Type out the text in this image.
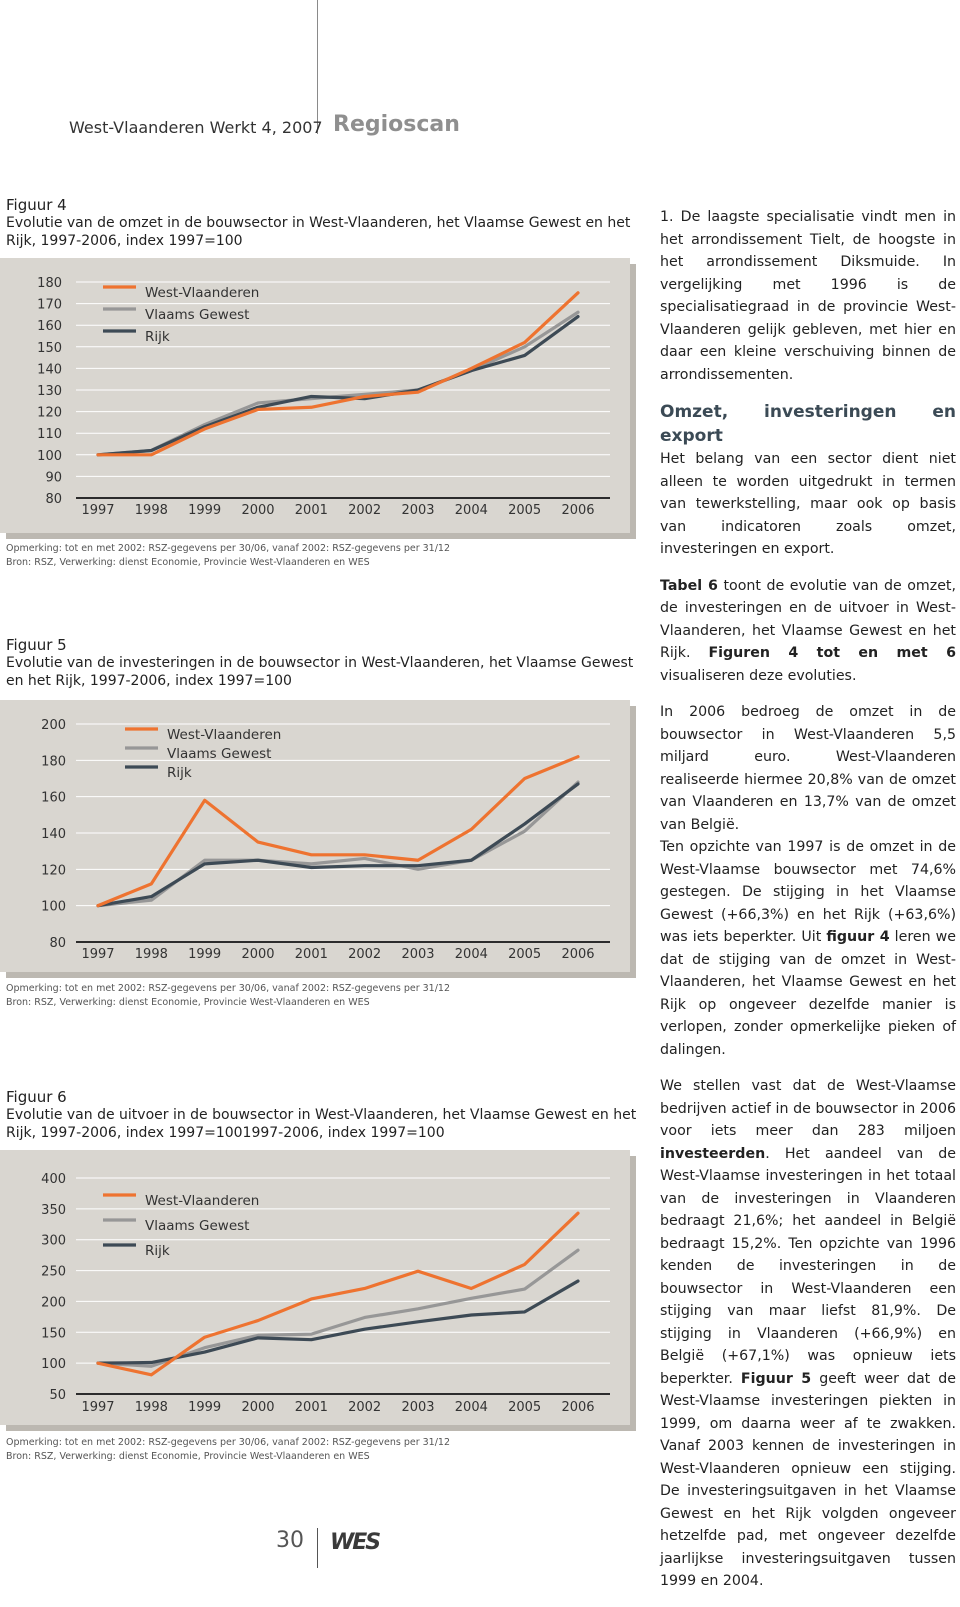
West-Vlaanderen Werkt 4, 2007 Regioscan
Figuur 4
Evolutie van de omzet in de bouwsector in West-Vlaanderen, het Vlaamse Gewest en het Rijk, 1997-2006, index 1997=100
180
170
160
150
140
130
120
110
100
90
80
1997 1998 1999 2000 2001 2002 2003 2004 2005 2006
West-Vlaanderen
Vlaams Gewest
Rijk
Opmerking: tot en met 2002: RSZ-gegevens per 30/06, vanaf 2002: RSZ-gegevens per 31/12
Bron: RSZ, Verwerking: dienst Economie, Provincie West-Vlaanderen en WES
Figuur 5
Evolutie van de investeringen in de bouwsector in West-Vlaanderen, het Vlaamse Gewest en het Rijk, 1997-2006, index 1997=100
200
180
160
140
120
100
80
1997 1998 1999 2000 2001 2002 2003 2004 2005 2006
West-Vlaanderen
Vlaams Gewest
Rijk
Opmerking: tot en met 2002: RSZ-gegevens per 30/06, vanaf 2002: RSZ-gegevens per 31/12
Bron: RSZ, Verwerking: dienst Economie, Provincie West-Vlaanderen en WES
Figuur 6
Evolutie van de uitvoer in de bouwsector in West-Vlaanderen, het Vlaamse Gewest en het Rijk, 1997-2006, index 1997=1001997-2006, index 1997=100
400
350
300
250
200
150
100
50
1997 1998 1999 2000 2001 2002 2003 2004 2005 2006
West-Vlaanderen
Vlaams Gewest
Rijk
Opmerking: tot en met 2002: RSZ-gegevens per 30/06, vanaf 2002: RSZ-gegevens per 31/12
Bron: RSZ, Verwerking: dienst Economie, Provincie West-Vlaanderen en WES

1. De laagste specialisatie vindt men in het arrondissement Tielt, de hoogste in het arrondissement Diksmuide. In vergelijking met 1996 is de specialisatiegraad in de provincie West-Vlaanderen gelijk gebleven, met hier en daar een kleine verschuiving binnen de arrondissementen.

Omzet, investeringen en export

Het belang van een sector dient niet alleen te worden uitgedrukt in termen van tewerkstelling, maar ook op basis van indicatoren zoals omzet, investeringen en export.

Tabel 6 toont de evolutie van de omzet, de investeringen en de uitvoer in West-Vlaanderen, het Vlaamse Gewest en het Rijk. Figuren 4 tot en met 6 visualiseren deze evoluties.

In 2006 bedroeg de omzet in de bouwsector in West-Vlaanderen 5,5 miljard euro. West-Vlaanderen realiseerde hiermee 20,8% van de omzet van Vlaanderen en 13,7% van de omzet van België.

Ten opzichte van 1997 is de omzet in de West-Vlaamse bouwsector met 74,6% gestegen. De stijging in het Vlaamse Gewest (+66,3%) en het Rijk (+63,6%) was iets beperkter. Uit figuur 4 leren we dat de stijging van de omzet in West-Vlaanderen, het Vlaamse Gewest en het Rijk op ongeveer dezelfde manier is verlopen, zonder opmerkelijke pieken of dalingen.

We stellen vast dat de West-Vlaamse bedrijven actief in de bouwsector in 2006 voor iets meer dan 283 miljoen investeerden. Het aandeel van de West-Vlaamse investeringen in het totaal van de investeringen in Vlaanderen bedraagt 21,6%; het aandeel in België bedraagt 15,2%. Ten opzichte van 1996 kenden de investeringen in de bouwsector in West-Vlaanderen een stijging van maar liefst 81,9%. De stijging in Vlaanderen (+66,9%) en België (+67,1%) was opnieuw iets beperkter. Figuur 5 geeft weer dat de West-Vlaamse investeringen piekten in 1999, om daarna weer af te zwakken. Vanaf 2003 kennen de investeringen in West-Vlaanderen opnieuw een stijging. De investeringsuitgaven in het Vlaamse Gewest en het Rijk volgden ongeveer hetzelfde pad, met ongeveer dezelfde jaarlijkse investeringsuitgaven tussen 1999 en 2004.

30 WES
